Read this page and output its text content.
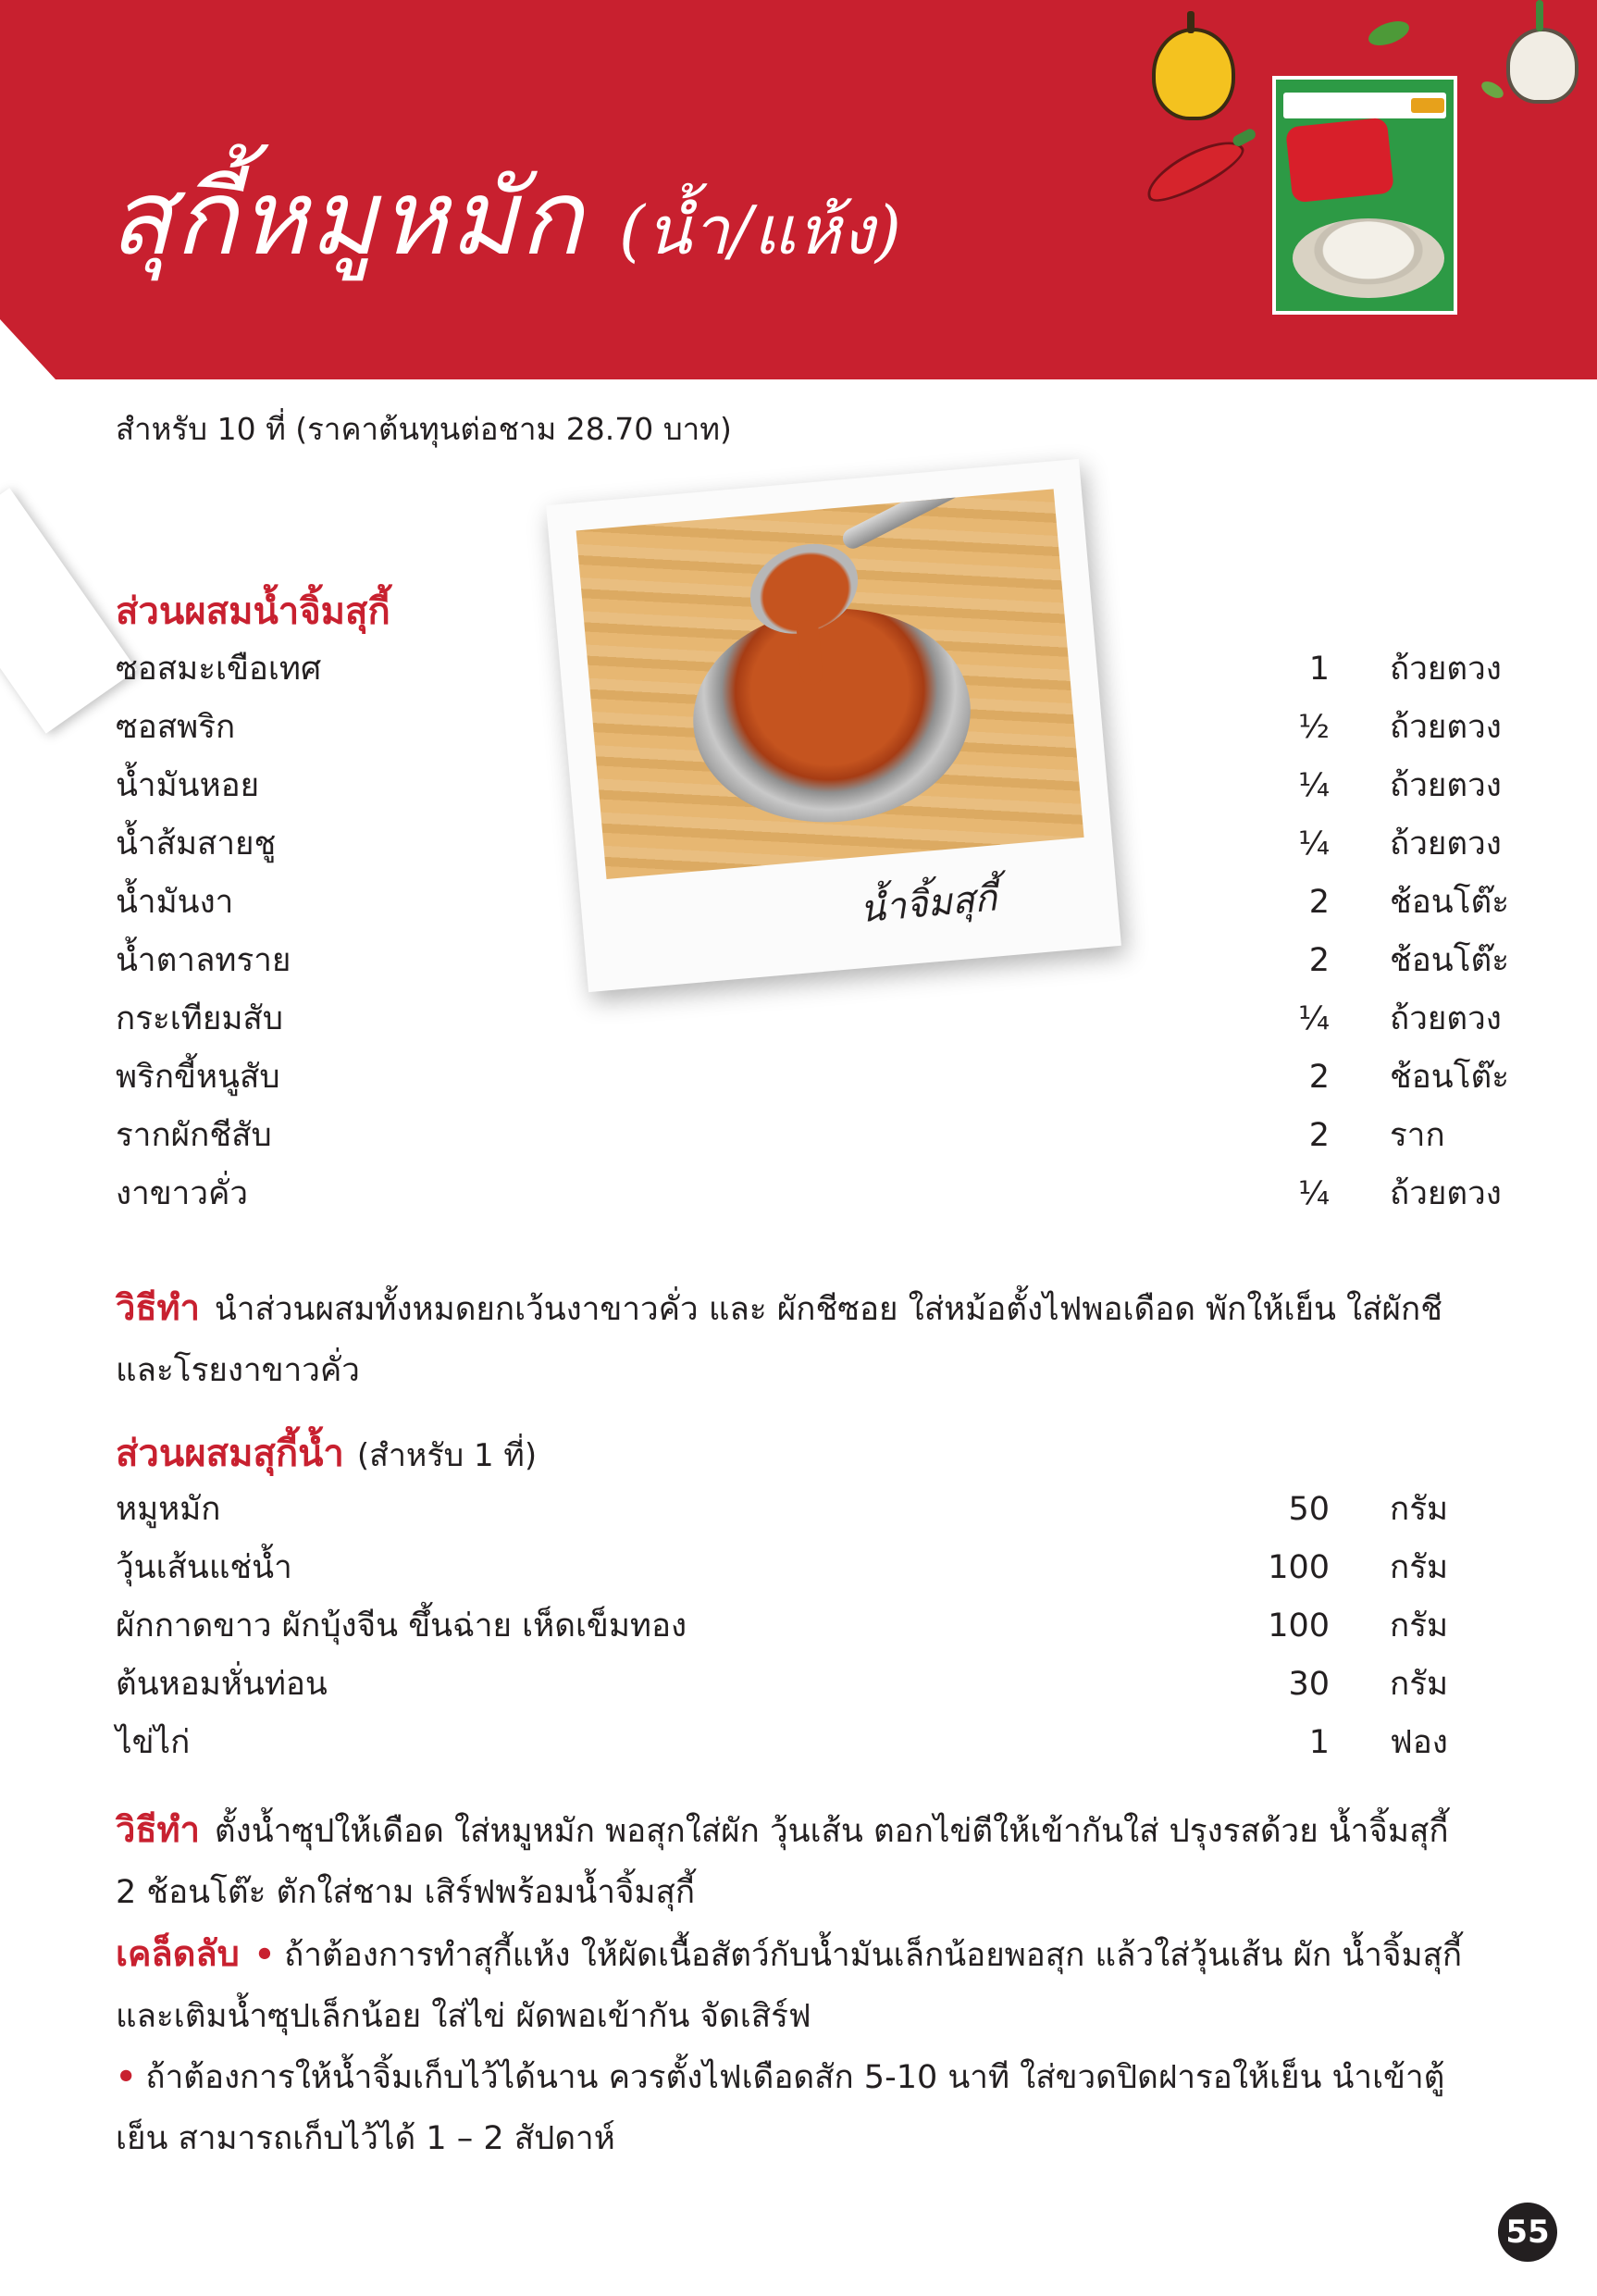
สุกี้หมูหมัก (น้ำ/แห้ง)
สำหรับ 10 ที่ (ราคาต้นทุนต่อชาม 28.70 บาท)
น้ำจิ้มสุกี้
ส่วนผสมน้ำจิ้มสุกี้
ซอสมะเขือเทศ	1 ถ้วยตวง
ซอสพริก	½ ถ้วยตวง
น้ำมันหอย	¼ ถ้วยตวง
น้ำส้มสายชู	¼ ถ้วยตวง
น้ำมันงา	2 ช้อนโต๊ะ
น้ำตาลทราย	2 ช้อนโต๊ะ
กระเทียมสับ	¼ ถ้วยตวง
พริกขี้หนูสับ	2 ช้อนโต๊ะ
รากผักชีสับ	2 ราก
งาขาวคั่ว	¼ ถ้วยตวง
วิธีทำ นำส่วนผสมทั้งหมดยกเว้นงาขาวคั่ว และ ผักชีซอย ใส่หม้อตั้งไฟพอเดือด พักให้เย็น ใส่ผักชีและโรยงาขาวคั่ว
ส่วนผสมสุกี้น้ำ (สำหรับ 1 ที่)
หมูหมัก	50 กรัม
วุ้นเส้นแช่น้ำ	100 กรัม
ผักกาดขาว ผักบุ้งจีน ขึ้นฉ่าย เห็ดเข็มทอง	100 กรัม
ต้นหอมหั่นท่อน	30 กรัม
ไข่ไก่	1 ฟอง
วิธีทำ ตั้งน้ำซุปให้เดือด ใส่หมูหมัก พอสุกใส่ผัก วุ้นเส้น ตอกไข่ตีให้เข้ากันใส่ ปรุงรสด้วย น้ำจิ้มสุกี้ 2 ช้อนโต๊ะ ตักใส่ชาม เสิร์ฟพร้อมน้ำจิ้มสุกี้
เคล็ดลับ • ถ้าต้องการทำสุกี้แห้ง ให้ผัดเนื้อสัตว์กับน้ำมันเล็กน้อยพอสุก แล้วใส่วุ้นเส้น ผัก น้ำจิ้มสุกี้ และเติมน้ำซุปเล็กน้อย ใส่ไข่ ผัดพอเข้ากัน จัดเสิร์ฟ
• ถ้าต้องการให้น้ำจิ้มเก็บไว้ได้นาน ควรตั้งไฟเดือดสัก 5-10 นาที ใส่ขวดปิดฝารอให้เย็น นำเข้าตู้เย็น สามารถเก็บไว้ได้ 1 – 2 สัปดาห์
55
